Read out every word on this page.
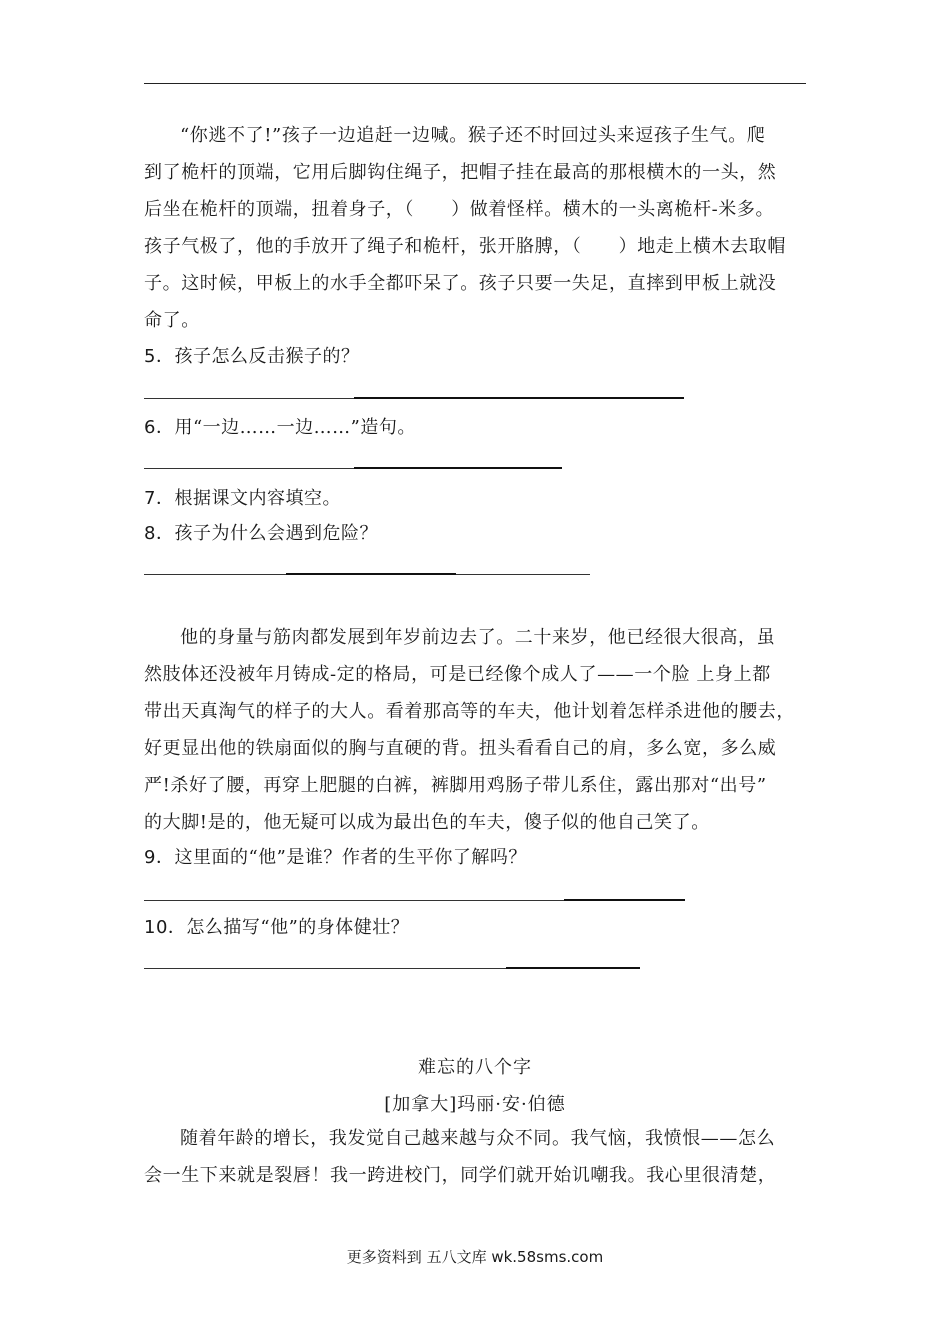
“你逃不了!”孩子一边追赶一边喊。猴子还不时回过头来逗孩子生气。爬
到了桅杆的顶端，它用后脚钩住绳子，把帽子挂在最高的那根横木的一头，然
后坐在桅杆的顶端，扭着身子，（　　）做着怪样。横木的一头离桅杆-米多。
孩子气极了，他的手放开了绳子和桅杆，张开胳膊，（　　）地走上横木去取帽
子。这时候，甲板上的水手全都吓呆了。孩子只要一失足，直摔到甲板上就没
命了。
5．孩子怎么反击猴子的？
6．用“一边……一边……”造句。
7．根据课文内容填空。
8．孩子为什么会遇到危险？
他的身量与筋肉都发展到年岁前边去了。二十来岁，他已经很大很高，虽
然肢体还没被年月铸成-定的格局，可是已经像个成人了——一个脸 上身上都
带出天真淘气的样子的大人。看着那高等的车夫，他计划着怎样杀进他的腰去，
好更显出他的铁扇面似的胸与直硬的背。扭头看看自己的肩，多么宽，多么威
严!杀好了腰，再穿上肥腿的白裤，裤脚用鸡肠子带儿系住，露出那对“出号”
的大脚!是的，他无疑可以成为最出色的车夫，傻子似的他自己笑了。
9．这里面的“他”是谁？作者的生平你了解吗？
10．怎么描写“他”的身体健壮？
难忘的八个字
[加拿大]玛丽·安·伯德
随着年龄的增长，我发觉自己越来越与众不同。我气恼，我愤恨——怎么
会一生下来就是裂唇！我一跨进校门，同学们就开始讥嘲我。我心里很清楚，
更多资料到 五八文库 wk.58sms.com
